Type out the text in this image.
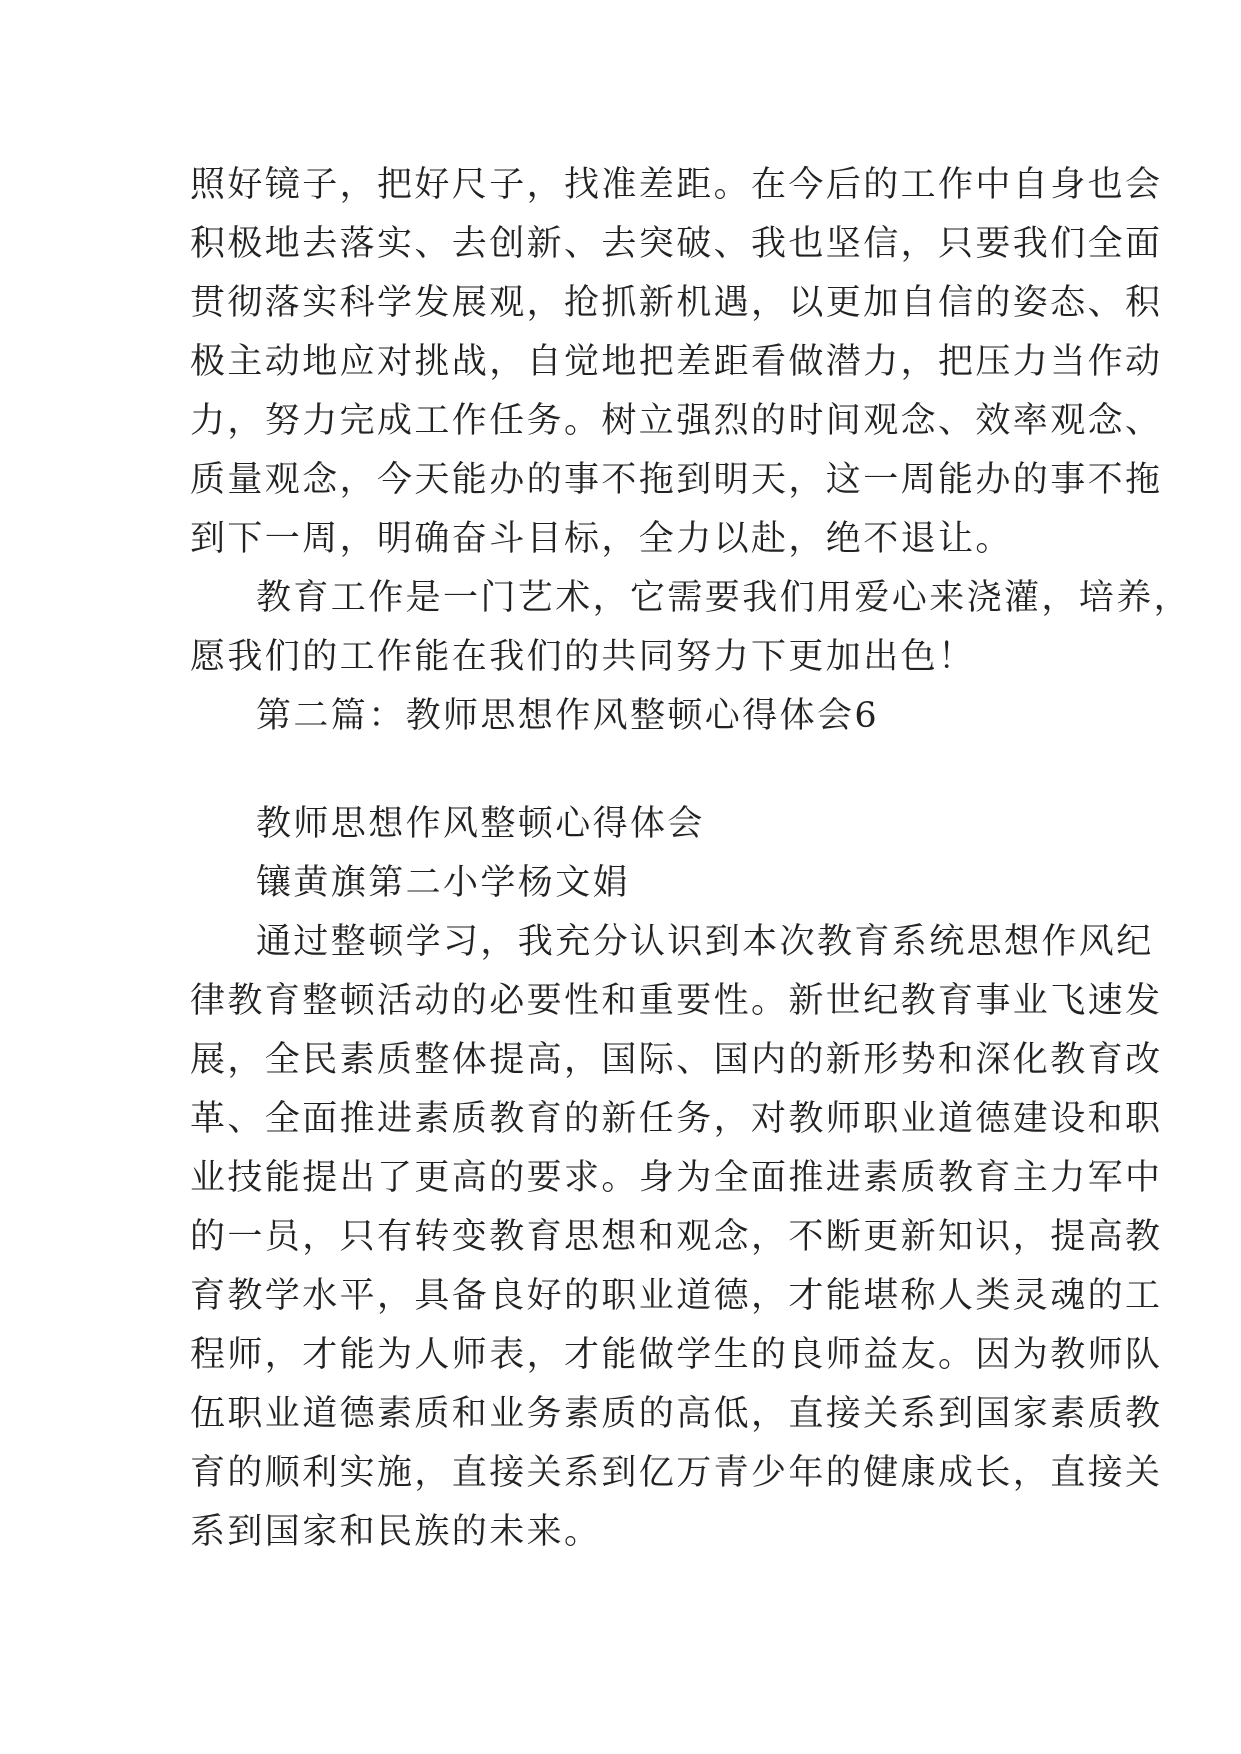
照好镜子，把好尺子，找准差距。在今后的工作中自身也会
积极地去落实、去创新、去突破、我也坚信，只要我们全面
贯彻落实科学发展观，抢抓新机遇，以更加自信的姿态、积
极主动地应对挑战，自觉地把差距看做潜力，把压力当作动
力，努力完成工作任务。树立强烈的时间观念、效率观念、
质量观念，今天能办的事不拖到明天，这一周能办的事不拖
到下一周，明确奋斗目标，全力以赴，绝不退让。
教育工作是一门艺术，它需要我们用爱心来浇灌，培养，
愿我们的工作能在我们的共同努力下更加出色！
第二篇：教师思想作风整顿心得体会6
教师思想作风整顿心得体会
镶黄旗第二小学杨文娟
通过整顿学习，我充分认识到本次教育系统思想作风纪
律教育整顿活动的必要性和重要性。新世纪教育事业飞速发
展，全民素质整体提高，国际、国内的新形势和深化教育改
革、全面推进素质教育的新任务，对教师职业道德建设和职
业技能提出了更高的要求。身为全面推进素质教育主力军中
的一员，只有转变教育思想和观念，不断更新知识，提高教
育教学水平，具备良好的职业道德，才能堪称人类灵魂的工
程师，才能为人师表，才能做学生的良师益友。因为教师队
伍职业道德素质和业务素质的高低，直接关系到国家素质教
育的顺利实施，直接关系到亿万青少年的健康成长，直接关
系到国家和民族的未来。
